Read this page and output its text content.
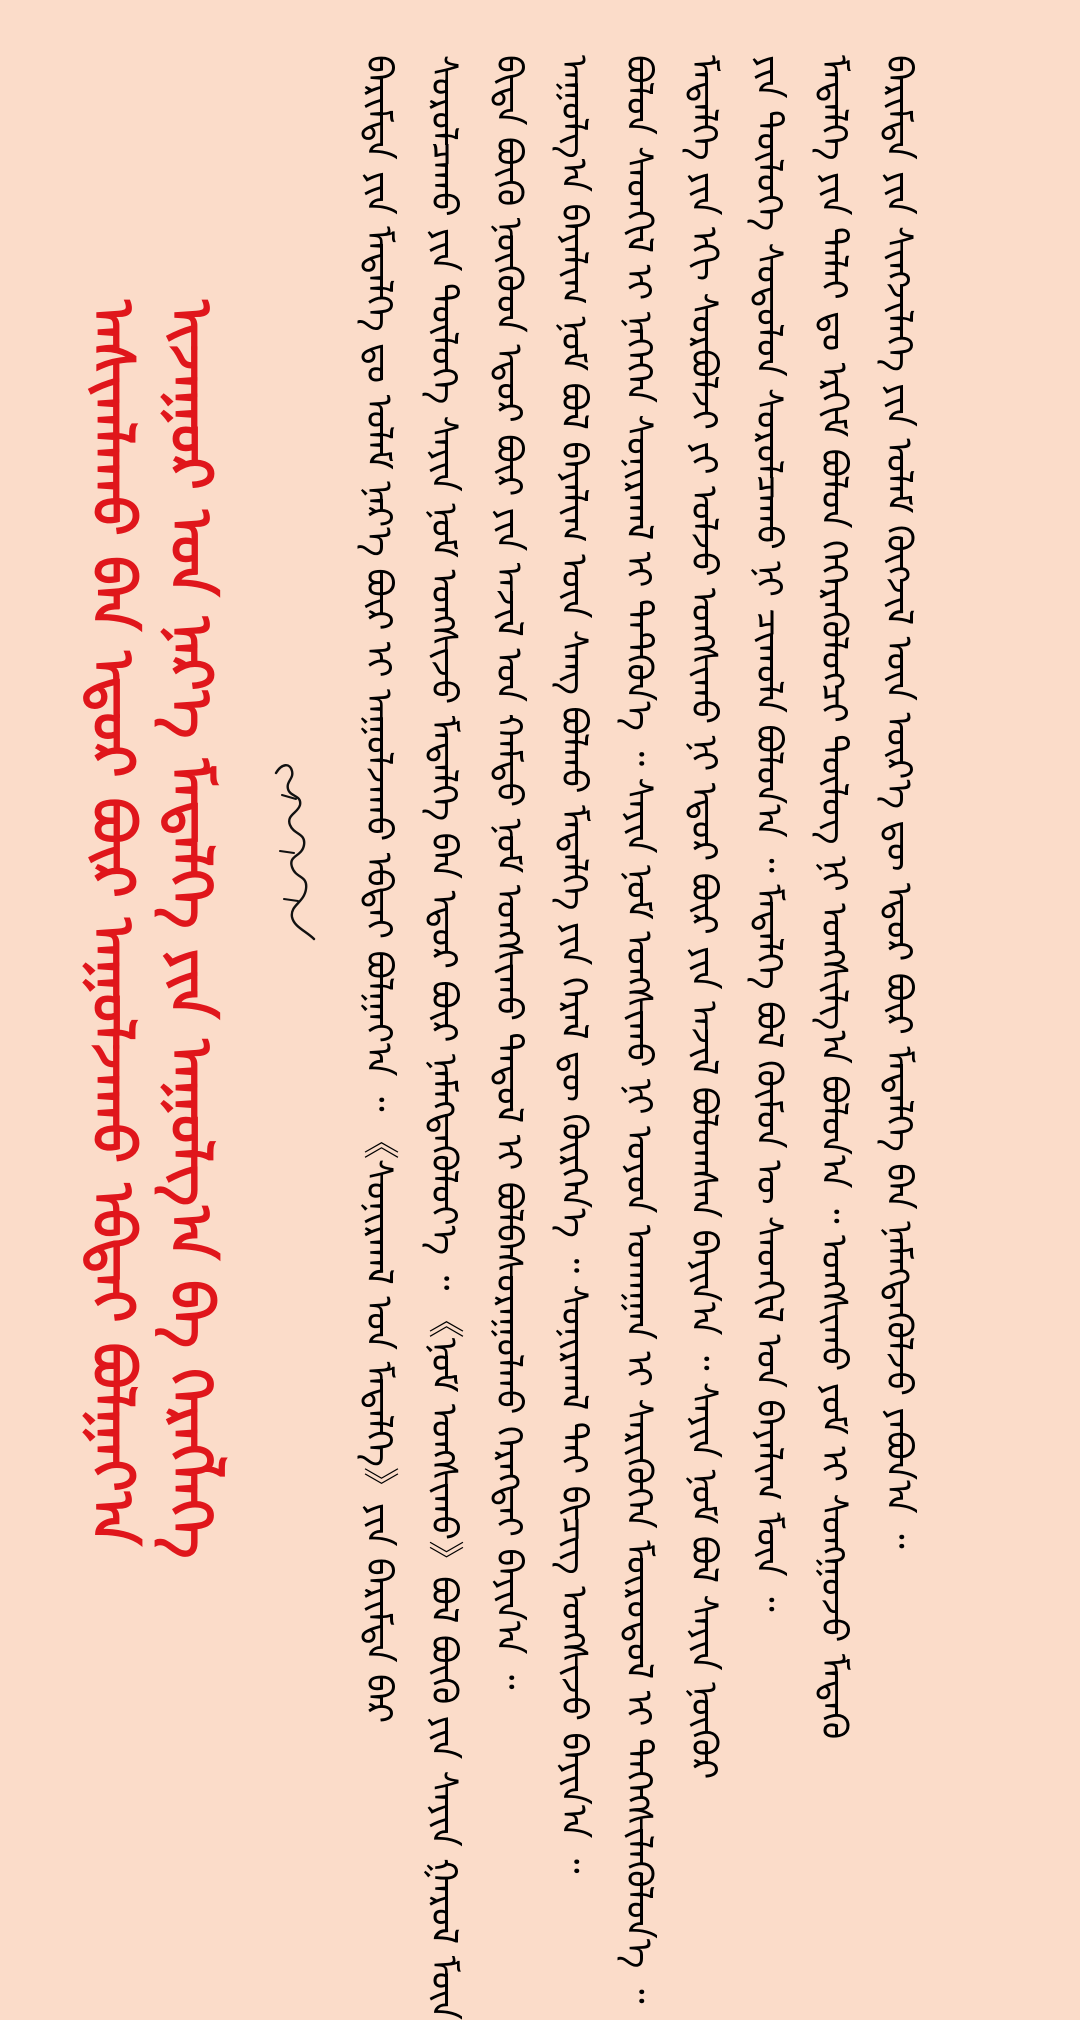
ᠠᠰᠢᠭᠯᠠᠬᠤ ᠪᠡᠨ ᠡᠳᠦᠷ ᠪᠦᠷ ᠠᠭᠤᠯᠵᠠᠬᠤ ᠡᠪᠲᠡᠢ ᠪᠣᠯᠭᠠᠶ᠎ᠠ ᠢᠵᠠᠭᠤᠷ ᠤᠨ ᠨᠡᠷ᠎ᠡ ᠮᠡᠳᠡᠯᠭᠡ ᠶᠢᠨ ᠠᠭᠤᠯᠭ᠎ᠠ ᠪᠠ ᠬᠡᠷᠡᠭᠯᠡᠭᠡ	ᠪᠠᠷᠢᠮᠲᠠ ᠶᠢᠨ ᠮᠡᠳᠡᠯᠭᠡ ᠳᠤ ᠤᠯᠠᠮ ᠨᠡᠷ᠎ᠡ ᠪᠦᠷ ᠢ ᠠᠭᠤᠯᠵᠠᠬᠤ ᠡᠪᠲᠡᠢ ᠪᠣᠯᠭᠠᠶ᠎ᠠ ᠃ 《ᠰᠣᠨᠢᠷᠬᠠᠯ ᠤᠨ ᠮᠡᠳᠡᠯᠭᠡ》ᠶᠢᠨ ᠪᠠᠷᠢᠮᠲᠠ ᠪᠠᠷ ᠰᠤᠷᠤᠯᠴᠠᠬᠤ ᠶᠢᠨ ᠲᠥᠯᠦᠭᠡ ᠰᠠᠶᠢᠨ ᠨᠣᠮ ᠤᠩᠰᠢᠵᠤ ᠮᠡᠳᠡᠯᠭᠡ ᠪᠡᠨ ᠡᠳᠦᠷ ᠪᠦᠷ ᠨᠡᠮᠡᠭᠳᠡᠭᠦᠯᠦᠶ᠎ᠡ ᠃ 《ᠨᠣᠮ ᠤᠩᠰᠢᠬᠤ》ᠪᠣᠯ ᠪᠦᠬᠦ ᠶᠢᠨ ᠰᠠᠶᠢᠨ ᠭᠠᠷᠤᠯ ᠮᠥᠨ ᠪᠢᠳᠡ ᠪᠦᠬᠦ ᠨᠥᠬᠦᠳ ᠡᠳᠦᠷ ᠪᠦᠷ ᠶᠢᠨ ᠠᠵᠢᠯ ᠤᠨ ᠬᠠᠮᠲᠤ ᠨᠣᠮ ᠤᠩᠰᠢᠬᠤ ᠳᠠᠳᠤᠯ ᠢ ᠪᠣᠯᠪᠠᠰᠤᠷᠠᠭᠤᠯᠬᠤ ᠬᠡᠷᠡᠭᠲᠡᠢ ᠪᠠᠶᠢᠨ᠎ᠠ ᠃ ᠠᠭᠤᠯᠭ᠎ᠠ ᠪᠠᠶᠠᠯᠢᠭ ᠨᠣᠮ ᠪᠣᠯ ᠪᠠᠶᠠᠯᠢᠭ ᠦᠨ ᠰᠠᠩ ᠪᠣᠯᠬᠤ ᠮᠡᠳᠡᠯᠭᠡ ᠶᠢᠨ ᠭᠡᠷᠡᠯ ᠳᠦ ᠬᠦᠷᠭᠡᠨ᠎ᠡ ᠃ ᠰᠣᠨᠢᠷᠬᠠᠯ ᠲᠠᠢ ᠪᠢᠴᠢᠭ ᠤᠩᠰᠢᠵᠤ ᠪᠠᠶᠢᠨ᠎ᠠ ᠃ ᠪᠣᠯᠤᠨ ᠰᠡᠳᠬᠢᠯ ᠢ ᠨᠡᠭᠡᠭᠡᠨ ᠰᠣᠨᠢᠷᠬᠠᠯ ᠢ ᠲᠡᠲᠬᠦᠨ᠎ᠡ ᠃ ᠰᠠᠶᠢᠨ ᠨᠣᠮ ᠤᠩᠰᠢᠬᠤ ᠨᠢ ᠣᠶᠤᠨ ᠤᠬᠠᠭᠠᠨ ᠢ ᠰᠡᠷᠢᠭᠦᠬᠡᠨ ᠮᠥᠷᠥᠳᠦᠯ ᠢ ᠳᠡᠭᠡᠭᠰᠢᠯᠡᠭᠦᠯᠦᠨ᠎ᠡ ᠃ ᠮᠡᠳᠡᠯᠭᠡ ᠶᠢᠨ ᠡᠬᠢ ᠰᠤᠷᠪᠤᠯᠵᠢ ᠶᠢ ᠣᠯᠵᠤ ᠤᠩᠰᠢᠬᠤ ᠨᠢ ᠡᠳᠦᠷ ᠪᠦᠷ ᠶᠢᠨ ᠠᠵᠢᠯ ᠪᠣᠯᠤᠭᠰᠠᠨ ᠪᠠᠶᠢᠨ᠎ᠠ ᠃ ᠰᠠᠶᠢᠨ ᠨᠣᠮ ᠪᠣᠯ ᠰᠠᠶᠢᠨ ᠨᠥᠬᠦᠷ ᠶᠢᠨ ᠲᠥᠯᠦᠭᠡ ᠰᠣᠳᠤᠯᠤᠨ ᠰᠤᠷᠤᠯᠴᠠᠬᠤ ᠨᠢ ᠴᠢᠬᠤᠯᠠ ᠪᠣᠯᠤᠨ᠎ᠠ ᠃ ᠮᠡᠳᠡᠯᠭᠡ ᠪᠣᠯ ᠬᠦᠮᠦᠨ ᠦ ᠰᠡᠳᠬᠢᠯ ᠤᠨ ᠪᠠᠶᠠᠯᠢᠭ ᠮᠥᠨ ᠃ ᠮᠡᠳᠡᠯᠭᠡ ᠶᠢᠨ ᠳᠠᠯᠠᠶ ᠳᠤ ᠡᠷᠬᠢᠮ ᠪᠣᠯᠤᠨ ᠭᠡᠭᠡᠷᠡᠭᠦᠯᠦᠭᠴᠢ ᠲᠥᠯᠦᠭ ᠨᠢ ᠤᠩᠰᠢᠯᠭ᠎ᠠ ᠪᠣᠯᠤᠨ᠎ᠠ ᠃ ᠤᠩᠰᠢᠬᠤ ᠶᠤᠮ ᠢ ᠰᠣᠩᠭᠤᠵᠤ ᠮᠡᠳᠡᠬᠦ ᠪᠠᠷᠢᠮᠲᠠ ᠶᠢᠨ ᠰᠢᠩᠵᠢᠯᠡᠭᠡ ᠶᠢᠨ ᠤᠯᠠᠮ ᠬᠦᠭᠵᠢᠯ ᠦᠨ ᠦᠷ᠎ᠡ ᠳᠦ ᠡᠳᠦᠷ ᠪᠦᠷ ᠮᠡᠳᠡᠯᠭᠡ ᠪᠡᠨ ᠨᠡᠮᠡᠭᠳᠡᠭᠦᠯᠵᠦ ᠶᠠᠪᠤᠨ᠎ᠠ ᠃
